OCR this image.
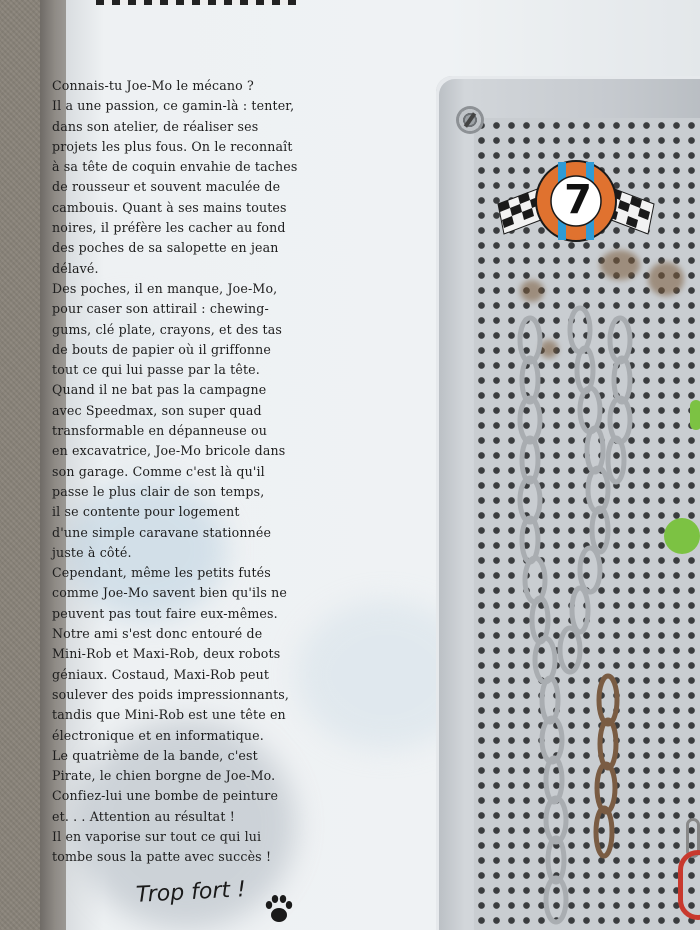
Connais-tu Joe-Mo le mécano ?
Il a une passion, ce gamin-là : tenter,
dans son atelier, de réaliser ses
projets les plus fous. On le reconnaît
à sa tête de coquin envahie de taches
de rousseur et souvent maculée de
cambouis. Quant à ses mains toutes
noires, il préfère les cacher au fond
des poches de sa salopette en jean
délavé.
Des poches, il en manque, Joe-Mo,
pour caser son attirail : chewing-
gums, clé plate, crayons, et des tas
de bouts de papier où il griffonne
tout ce qui lui passe par la tête.
Quand il ne bat pas la campagne
avec Speedmax, son super quad
transformable en dépanneuse ou
en excavatrice, Joe-Mo bricole dans
son garage. Comme c'est là qu'il
passe le plus clair de son temps,
il se contente pour logement
d'une simple caravane stationnée
juste à côté.
Cependant, même les petits futés
comme Joe-Mo savent bien qu'ils ne
peuvent pas tout faire eux-mêmes.
Notre ami s'est donc entouré de
Mini-Rob et Maxi-Rob, deux robots
géniaux. Costaud, Maxi-Rob peut
soulever des poids impressionnants,
tandis que Mini-Rob est une tête en
électronique et en informatique.
Le quatrième de la bande, c'est
Pirate, le chien borgne de Joe-Mo.
Confiez-lui une bombe de peinture
et. . . Attention au résultat !
Il en vaporise sur tout ce qui lui
tombe sous la patte avec succès !
Trop fort !
7
